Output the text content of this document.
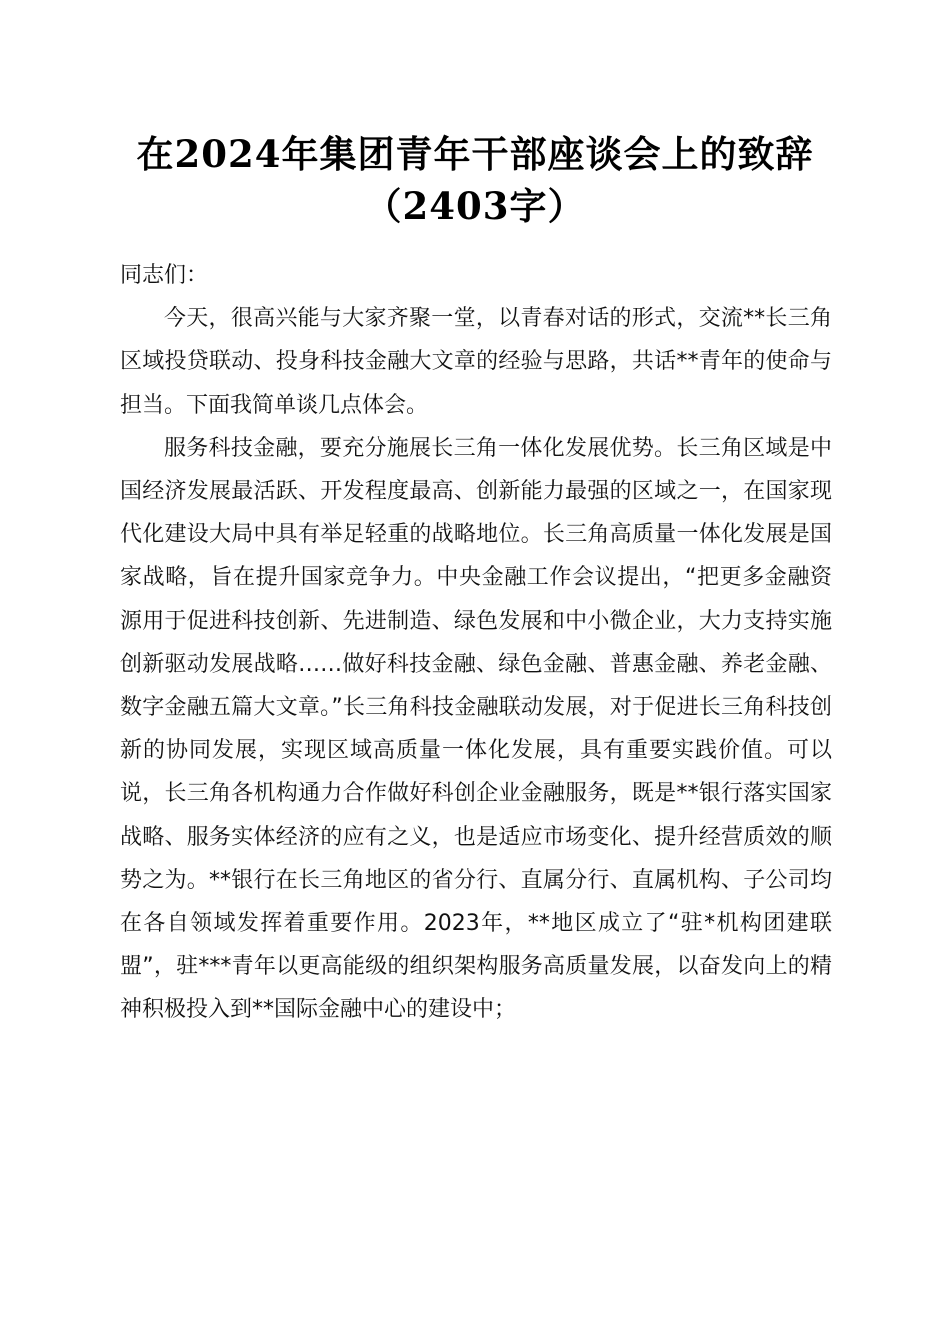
在2024年集团青年干部座谈会上的致辞
（2403字）

同志们：

今天，很高兴能与大家齐聚一堂，以青春对话的形式，交流**长三角区域投贷联动、投身科技金融大文章的经验与思路，共话**青年的使命与担当。下面我简单谈几点体会。

服务科技金融，要充分施展长三角一体化发展优势。长三角区域是中国经济发展最活跃、开发程度最高、创新能力最强的区域之一，在国家现代化建设大局中具有举足轻重的战略地位。长三角高质量一体化发展是国家战略，旨在提升国家竞争力。中央金融工作会议提出，“把更多金融资源用于促进科技创新、先进制造、绿色发展和中小微企业，大力支持实施创新驱动发展战略……做好科技金融、绿色金融、普惠金融、养老金融、数字金融五篇大文章。”长三角科技金融联动发展，对于促进长三角科技创新的协同发展，实现区域高质量一体化发展，具有重要实践价值。可以说，长三角各机构通力合作做好科创企业金融服务，既是**银行落实国家战略、服务实体经济的应有之义，也是适应市场变化、提升经营质效的顺势之为。**银行在长三角地区的省分行、直属分行、直属机构、子公司均在各自领域发挥着重要作用。2023年，**地区成立了“驻*机构团建联盟”，驻***青年以更高能级的组织架构服务高质量发展，以奋发向上的精神积极投入到**国际金融中心的建设中；
